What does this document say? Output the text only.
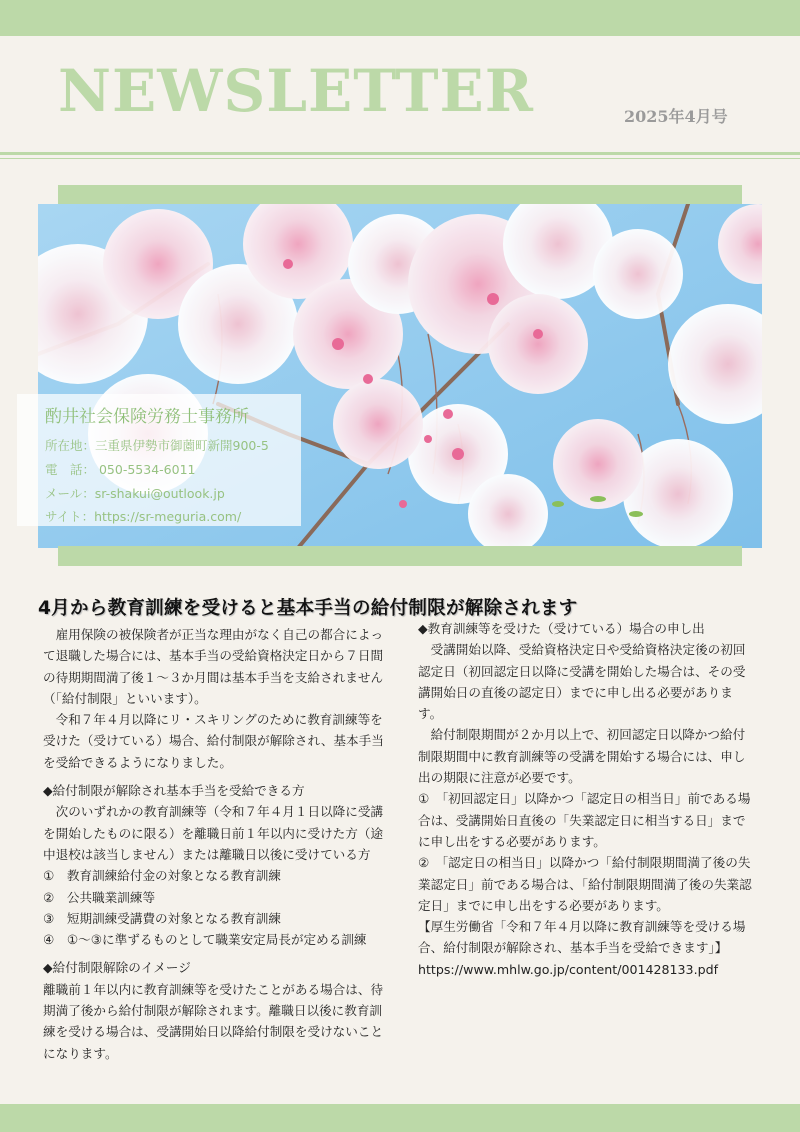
NEWSLETTER	2025年4月号
酌井社会保険労務士事務所
所在地：三重県伊勢市御薗町新開900-5
電　話： 050-5534-6011
メール：sr-shakui@outlook.jp
サイト：https://sr-meguria.com/
4月から教育訓練を受けると基本手当の給付制限が解除されます

雇用保険の被保険者が正当な理由がなく自己の都合によって退職した場合には、基本手当の受給資格決定日から７日間の待期期間満了後１～３か月間は基本手当を支給されません（「給付制限」といいます）。

令和７年４月以降にリ・スキリングのために教育訓練等を受けた（受けている）場合、給付制限が解除され、基本手当を受給できるようになりました。

◆給付制限が解除され基本手当を受給できる方

次のいずれかの教育訓練等（令和７年４月１日以降に受講を開始したものに限る）を離職日前１年以内に受けた方（途中退校は該当しません）または離職日以後に受けている方

①　教育訓練給付金の対象となる教育訓練

②　公共職業訓練等

③　短期訓練受講費の対象となる教育訓練

④　①～③に準ずるものとして職業安定局長が定める訓練

◆給付制限解除のイメージ

離職前１年以内に教育訓練等を受けたことがある場合は、待期満了後から給付制限が解除されます。離職日以後に教育訓練を受ける場合は、受講開始日以降給付制限を受けないことになります。

◆教育訓練等を受けた（受けている）場合の申し出

受講開始以降、受給資格決定日や受給資格決定後の初回認定日（初回認定日以降に受講を開始した場合は、その受講開始日の直後の認定日）までに申し出る必要があります。

給付制限期間が２か月以上で、初回認定日以降かつ給付制限期間中に教育訓練等の受講を開始する場合には、申し出の期限に注意が必要です。

①　「初回認定日」以降かつ「認定日の相当日」前である場合は、受講開始日直後の「失業認定日に相当する日」までに申し出をする必要があります。

②　「認定日の相当日」以降かつ「給付制限期間満了後の失業認定日」前である場合は、「給付制限期間満了後の失業認定日」までに申し出をする必要があります。

【厚生労働省「令和７年４月以降に教育訓練等を受ける場合、給付制限が解除され、基本手当を受給できます」】

https://www.mhlw.go.jp/content/001428133.pdf
